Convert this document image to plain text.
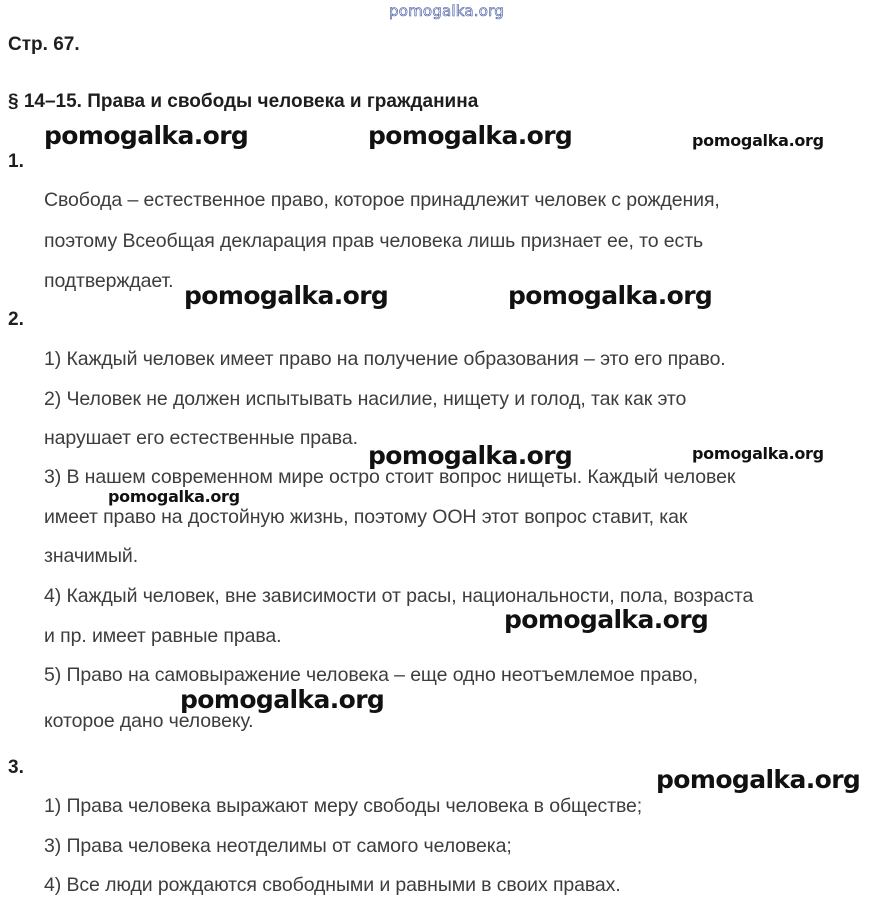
pomogalka.org
Стр. 67.
§ 14–15. Права и свободы человека и гражданина
1.
Свобода – естественное право, которое принадлежит человек с рождения,
поэтому Всеобщая декларация прав человека лишь признает ее, то есть
подтверждает.
2.
1) Каждый человек имеет право на получение образования – это его право.
2) Человек не должен испытывать насилие, нищету и голод, так как это
нарушает его естественные права.
3) В нашем современном мире остро стоит вопрос нищеты. Каждый человек
имеет право на достойную жизнь, поэтому ООН этот вопрос ставит, как
значимый.
4) Каждый человек, вне зависимости от расы, национальности, пола, возраста
и пр. имеет равные права.
5) Право на самовыражение человека – еще одно неотъемлемое право,
которое дано человеку.
3.
1) Права человека выражают меру свободы человека в обществе;
3) Права человека неотделимы от самого человека;
4) Все люди рождаются свободными и равными в своих правах.
pomogalka.org	pomogalka.org	pomogalka.org
pomogalka.org	pomogalka.org
pomogalka.org	pomogalka.org
pomogalka.org
pomogalka.org
pomogalka.org
pomogalka.org
